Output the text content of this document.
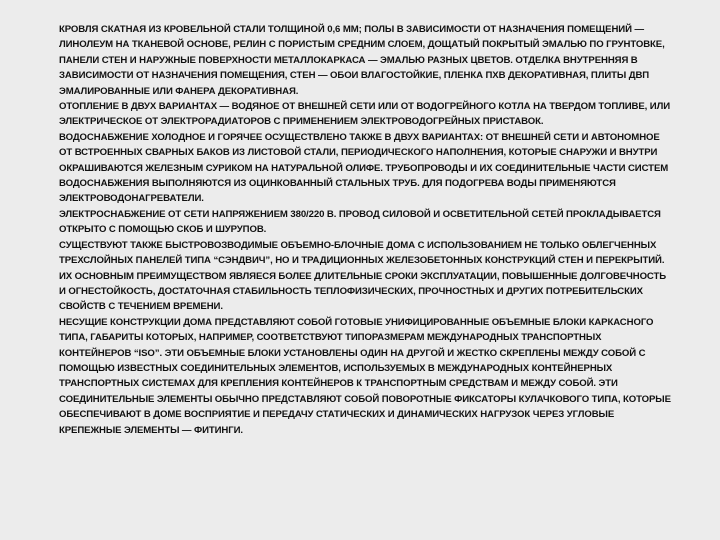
КРОВЛЯ СКАТНАЯ ИЗ КРОВЕЛЬНОЙ СТАЛИ ТОЛЩИНОЙ 0,6 ММ; ПОЛЫ В ЗАВИСИМОСТИ ОТ НАЗНАЧЕНИЯ ПОМЕЩЕНИЙ — ЛИНОЛЕУМ НА ТКАНЕВОЙ ОСНОВЕ, РЕЛИН С ПОРИСТЫМ СРЕДНИМ СЛОЕМ, ДОЩАТЫЙ ПОКРЫТЫЙ ЭМАЛЬЮ ПО ГРУНТОВКЕ, ПАНЕЛИ СТЕН И НАРУЖНЫЕ ПОВЕРХНОСТИ МЕТАЛЛОКАРКАСА — ЭМАЛЬЮ РАЗНЫХ ЦВЕТОВ. ОТДЕЛКА ВНУТРЕННЯЯ В ЗАВИСИМОСТИ ОТ НАЗНАЧЕНИЯ ПОМЕЩЕНИЯ, СТЕН — ОБОИ ВЛАГОСТОЙКИЕ, ПЛЕНКА ПХВ ДЕКОРАТИВНАЯ, ПЛИТЫ ДВП ЭМАЛИРОВАННЫЕ ИЛИ ФАНЕРА ДЕКОРАТИВНАЯ.

ОТОПЛЕНИЕ В ДВУХ ВАРИАНТАХ — ВОДЯНОЕ ОТ ВНЕШНЕЙ СЕТИ ИЛИ ОТ ВОДОГРЕЙНОГО КОТЛА НА ТВЕРДОМ ТОПЛИВЕ, ИЛИ ЭЛЕКТРИЧЕСКОЕ ОТ ЭЛЕКТРОРАДИАТОРОВ С ПРИМЕНЕНИЕМ ЭЛЕКТРОВОДОГРЕЙНЫХ ПРИСТАВОК.

ВОДОСНАБЖЕНИЕ ХОЛОДНОЕ И ГОРЯЧЕЕ ОСУЩЕСТВЛЕНО ТАКЖЕ В ДВУХ ВАРИАНТАХ: ОТ ВНЕШНЕЙ СЕТИ И АВТОНОМНОЕ ОТ ВСТРОЕННЫХ СВАРНЫХ БАКОВ ИЗ ЛИСТОВОЙ СТАЛИ, ПЕРИОДИЧЕСКОГО НАПОЛНЕНИЯ, КОТОРЫЕ СНАРУЖИ И ВНУТРИ ОКРАШИВАЮТСЯ ЖЕЛЕЗНЫМ СУРИКОМ НА НАТУРАЛЬНОЙ ОЛИФЕ. ТРУБОПРОВОДЫ И ИХ СОЕДИНИТЕЛЬНЫЕ ЧАСТИ СИСТЕМ ВОДОСНАБЖЕНИЯ ВЫПОЛНЯЮТСЯ ИЗ ОЦИНКОВАННЫЙ СТАЛЬНЫХ ТРУБ. ДЛЯ ПОДОГРЕВА ВОДЫ ПРИМЕНЯЮТСЯ ЭЛЕКТРОВОДОНАГРЕВАТЕЛИ.

ЭЛЕКТРОСНАБЖЕНИЕ ОТ СЕТИ НАПРЯЖЕНИЕМ 380/220 В. ПРОВОД СИЛОВОЙ И ОСВЕТИТЕЛЬНОЙ СЕТЕЙ ПРОКЛАДЫВАЕТСЯ ОТКРЫТО С ПОМОЩЬЮ СКОБ И ШУРУПОВ.

СУЩЕСТВУЮТ ТАКЖЕ БЫСТРОВОЗВОДИМЫЕ ОБЪЕМНО-БЛОЧНЫЕ ДОМА С ИСПОЛЬЗОВАНИЕМ НЕ ТОЛЬКО ОБЛЕГЧЕННЫХ ТРЕХСЛОЙНЫХ ПАНЕЛЕЙ ТИПА “СЭНДВИЧ”, НО И ТРАДИЦИОННЫХ ЖЕЛЕЗОБЕТОННЫХ КОНСТРУКЦИЙ СТЕН И ПЕРЕКРЫТИЙ. ИХ ОСНОВНЫМ ПРЕИМУЩЕСТВОМ ЯВЛЯЕСЯ БОЛЕЕ ДЛИТЕЛЬНЫЕ СРОКИ ЭКСПЛУАТАЦИИ, ПОВЫШЕННЫЕ ДОЛГОВЕЧНОСТЬ И ОГНЕСТОЙКОСТЬ, ДОСТАТОЧНАЯ СТАБИЛЬНОСТЬ ТЕПЛОФИЗИЧЕСКИХ, ПРОЧНОСТНЫХ И ДРУГИХ ПОТРЕБИТЕЛЬСКИХ СВОЙСТВ С ТЕЧЕНИЕМ ВРЕМЕНИ.

НЕСУЩИЕ КОНСТРУКЦИИ ДОМА ПРЕДСТАВЛЯЮТ СОБОЙ ГОТОВЫЕ УНИФИЦИРОВАННЫЕ ОБЪЕМНЫЕ БЛОКИ КАРКАСНОГО ТИПА, ГАБАРИТЫ КОТОРЫХ, НАПРИМЕР, СООТВЕТСТВУЮТ ТИПОРАЗМЕРАМ МЕЖДУНАРОДНЫХ ТРАНСПОРТНЫХ КОНТЕЙНЕРОВ “ISO”. ЭТИ ОБЪЕМНЫЕ БЛОКИ УСТАНОВЛЕНЫ ОДИН НА ДРУГОЙ И ЖЕСТКО СКРЕПЛЕНЫ МЕЖДУ СОБОЙ С ПОМОЩЬЮ ИЗВЕСТНЫХ СОЕДИНИТЕЛЬНЫХ ЭЛЕМЕНТОВ, ИСПОЛЬЗУЕМЫХ В МЕЖДУНАРОДНЫХ КОНТЕЙНЕРНЫХ ТРАНСПОРТНЫХ СИСТЕМАХ ДЛЯ КРЕПЛЕНИЯ КОНТЕЙНЕРОВ К ТРАНСПОРТНЫМ СРЕДСТВАМ И МЕЖДУ СОБОЙ. ЭТИ СОЕДИНИТЕЛЬНЫЕ ЭЛЕМЕНТЫ ОБЫЧНО ПРЕДСТАВЛЯЮТ СОБОЙ ПОВОРОТНЫЕ ФИКСАТОРЫ КУЛАЧКОВОГО ТИПА, КОТОРЫЕ ОБЕСПЕЧИВАЮТ В ДОМЕ ВОСПРИЯТИЕ И ПЕРЕДАЧУ СТАТИЧЕСКИХ И ДИНАМИЧЕСКИХ НАГРУЗОК ЧЕРЕЗ УГЛОВЫЕ КРЕПЕЖНЫЕ ЭЛЕМЕНТЫ — ФИТИНГИ.
